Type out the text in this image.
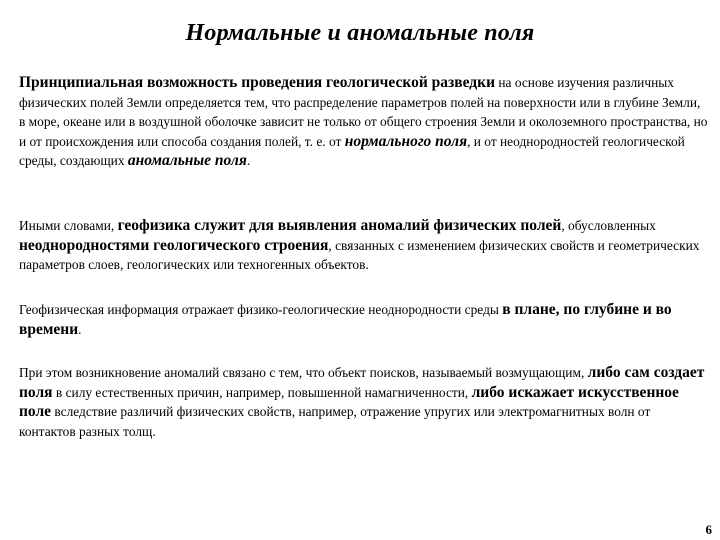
Нормальные и аномальные поля
Принципиальная возможность проведения геологической разведки на основе изучения различных физических полей Земли определяется тем, что распределение параметров полей на поверхности или в глубине Земли, в море, океане или в воздушной оболочке зависит не только от общего строения Земли и околоземного пространства, но и от происхождения или способа создания полей, т. е. от нормального поля, и от неоднородностей геологической среды, создающих аномальные поля.
Иными словами, геофизика служит для выявления аномалий физических полей, обусловленных неоднородностями геологического строения, связанных с изменением физических свойств и геометрических параметров слоев, геологических или техногенных объектов.
Геофизическая информация отражает физико-геологические неоднородности среды в плане, по глубине и во времени.
При этом возникновение аномалий связано с тем, что объект поисков, называемый возмущающим, либо сам создает поля в силу естественных причин, например, повышенной намагниченности, либо искажает искусственное поле вследствие различий физических свойств, например, отражение упругих или электромагнитных волн от контактов разных толщ.
6
